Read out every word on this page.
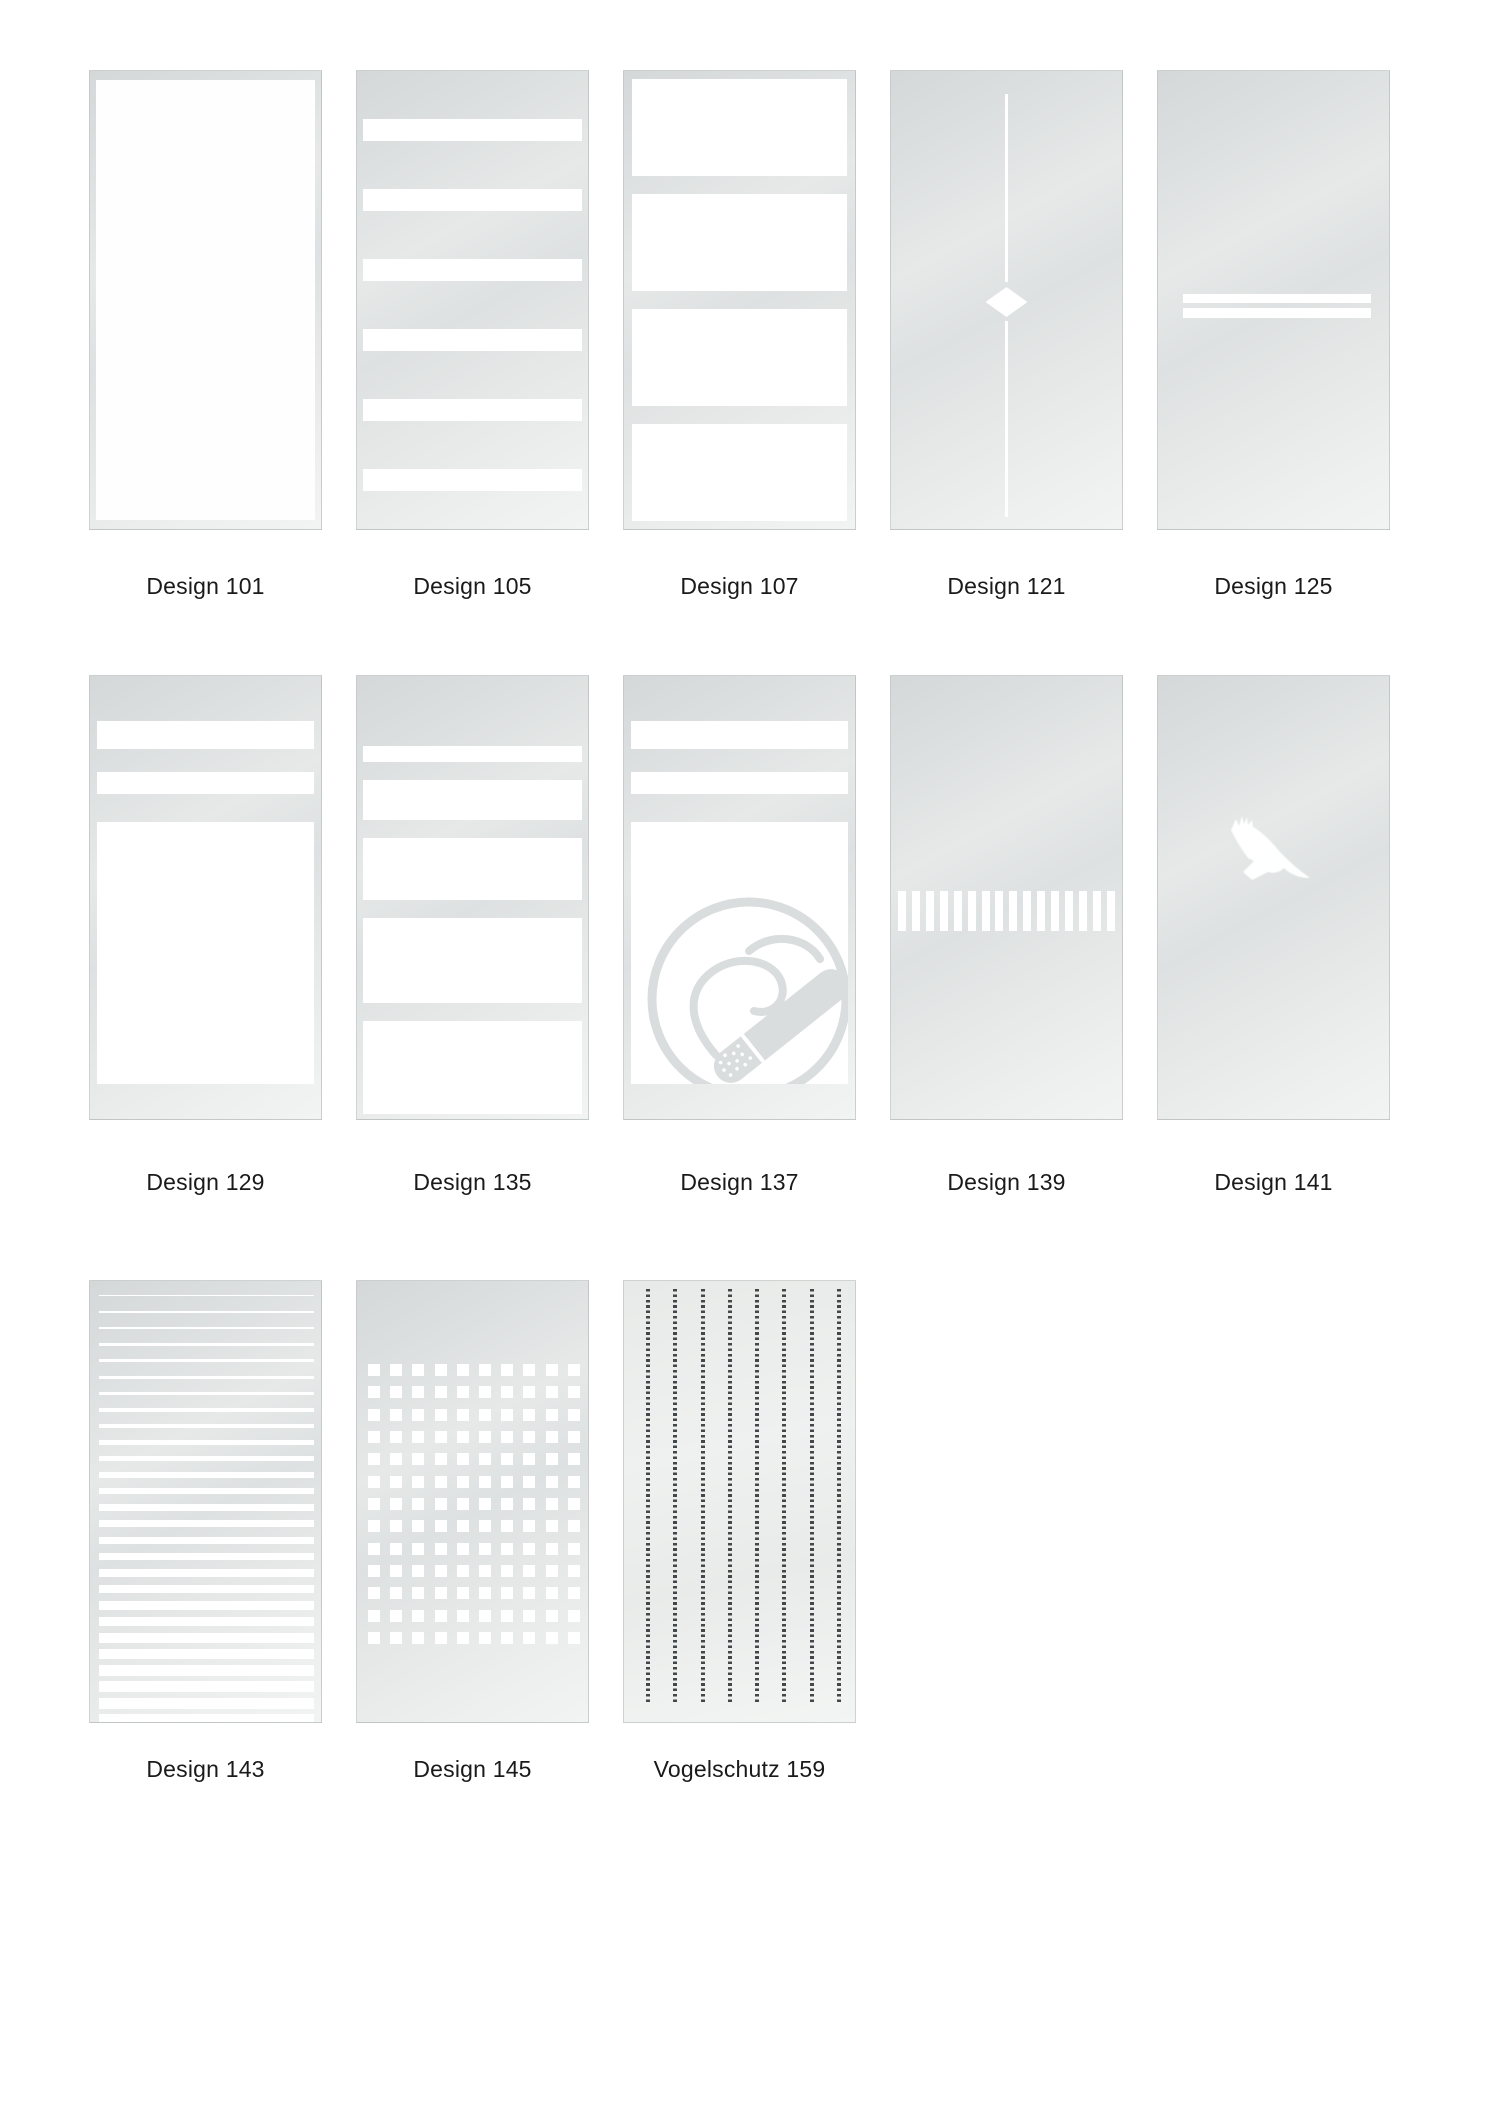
Design 101	Design 105	Design 107	Design 121	Design 125
Design 129	Design 135	Design 137	Design 139	Design 141
Design 143	Design 145	Vogelschutz 159
